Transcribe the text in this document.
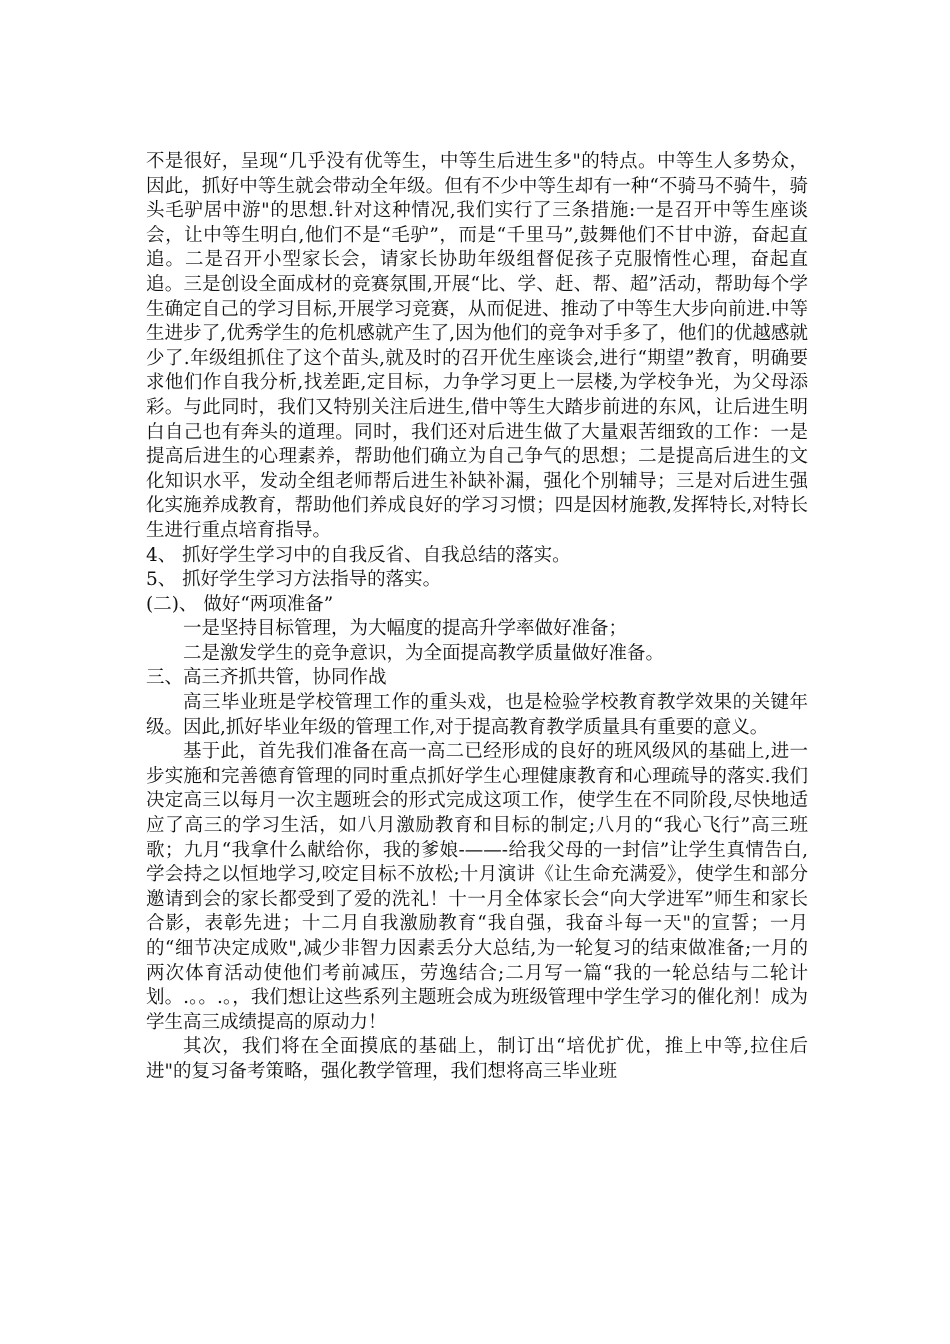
不是很好，呈现“几乎没有优等生，中等生后进生多"的特点。中等生人多势众，因此，抓好中等生就会带动全年级。但有不少中等生却有一种“不骑马不骑牛，骑头毛驴居中游"的思想.针对这种情况,我们实行了三条措施:一是召开中等生座谈会，让中等生明白,他们不是“毛驴”，而是“千里马”,鼓舞他们不甘中游，奋起直追。二是召开小型家长会，请家长协助年级组督促孩子克服惰性心理，奋起直追。三是创设全面成材的竞赛氛围,开展“比、学、赶、帮、超”活动，帮助每个学生确定自己的学习目标,开展学习竞赛，从而促进、推动了中等生大步向前进.中等生进步了,优秀学生的危机感就产生了,因为他们的竞争对手多了，他们的优越感就少了.年级组抓住了这个苗头,就及时的召开优生座谈会,进行“期望”教育，明确要求他们作自我分析,找差距,定目标，力争学习更上一层楼,为学校争光，为父母添彩。与此同时，我们又特别关注后进生,借中等生大踏步前进的东风，让后进生明白自己也有奔头的道理。同时，我们还对后进生做了大量艰苦细致的工作：一是提高后进生的心理素养，帮助他们确立为自己争气的思想；二是提高后进生的文化知识水平，发动全组老师帮后进生补缺补漏，强化个別辅导；三是对后进生强化实施养成教育，帮助他们养成良好的学习习惯；四是因材施教,发挥特长,对特长生进行重点培育指导。

4、 抓好学生学习中的自我反省、自我总结的落实。

5、 抓好学生学习方法指导的落实。

(二)、 做好“两项准备”

一是坚持目标管理，为大幅度的提高升学率做好准备；

二是激发学生的竞争意识，为全面提高教学质量做好准备。

三、高三齐抓共管，协同作战

高三毕业班是学校管理工作的重头戏，也是检验学校教育教学效果的关键年级。因此,抓好毕业年级的管理工作,对于提高教育教学质量具有重要的意义。

基于此，首先我们准备在高一高二已经形成的良好的班风级风的基础上,进一步实施和完善德育管理的同时重点抓好学生心理健康教育和心理疏导的落实.我们决定高三以每月一次主题班会的形式完成这项工作，使学生在不同阶段,尽快地适应了高三的学习生活，如八月激励教育和目标的制定;八月的“我心飞行”高三班歌；九月“我拿什么献给你，我的爹娘-——-给我父母的一封信”让学生真情告白,学会持之以恒地学习,咬定目标不放松;十月演讲《让生命充满爱》，使学生和部分邀请到会的家长都受到了爱的洗礼！十一月全体家长会“向大学进军”师生和家长合影，表彰先进；十二月自我激励教育“我自强，我奋斗每一天"的宣誓；一月的“细节决定成败",减少非智力因素丢分大总结,为一轮复习的结束做准备;一月的两次体育活动使他们考前减压，劳逸结合;二月写一篇“我的一轮总结与二轮计划。.。。.。，我们想让这些系列主题班会成为班级管理中学生学习的催化剂！成为学生高三成绩提高的原动力！

其次，我们将在全面摸底的基础上，制订出“培优扩优，推上中等,拉住后进"的复习备考策略，强化教学管理，我们想将高三毕业班
